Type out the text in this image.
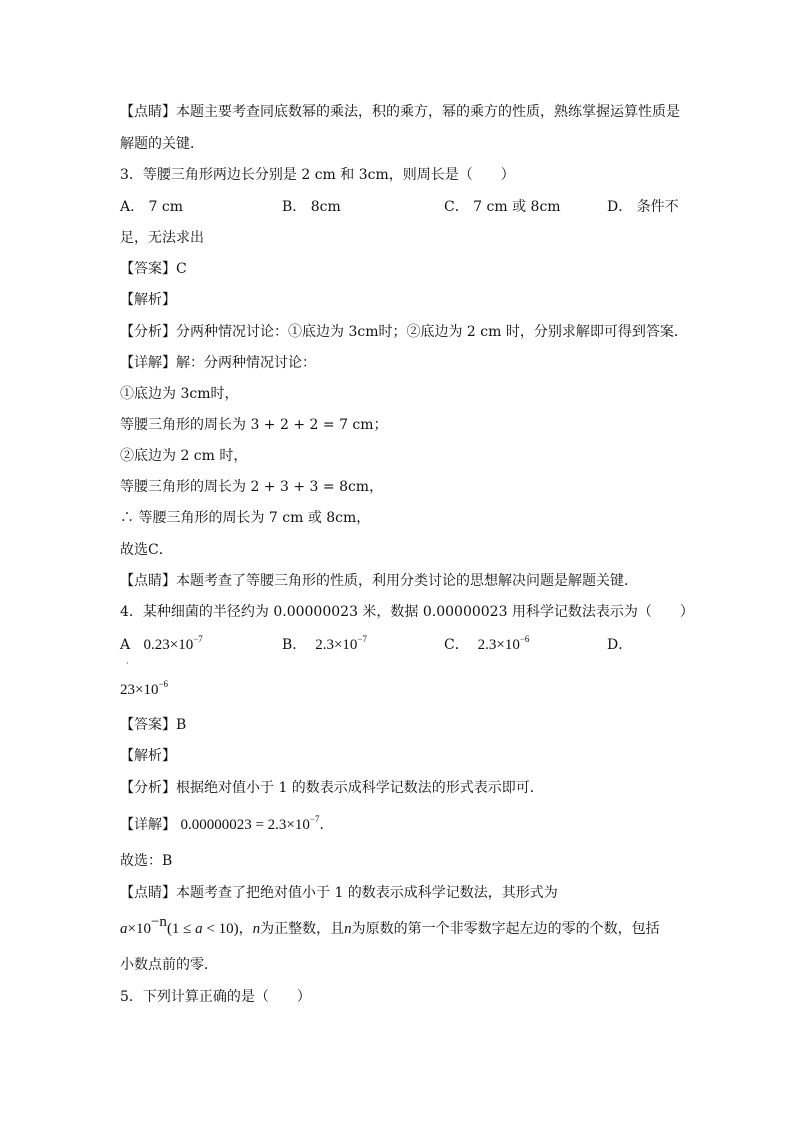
【点睛】本题主要考查同底数幂的乘法，积的乘方，幂的乘方的性质，熟练掌握运算性质是
解题的关键．
3．等腰三角形两边长分别是 2 cm 和 3cm，则周长是（　　）
A． 7 cm	B． 8cm	C． 7 cm 或 8cm	D． 条件不
足，无法求出
【答案】C
【解析】
【分析】分两种情况讨论：①底边为 3cm时；②底边为 2 cm 时，分别求解即可得到答案．
【详解】解：分两种情况讨论：
①底边为 3cm时，
等腰三角形的周长为 3 + 2 + 2 = 7 cm；
②底边为 2 cm 时，
等腰三角形的周长为 2 + 3 + 3 = 8cm，
∴ 等腰三角形的周长为 7 cm 或 8cm，
故选C．
【点睛】本题考查了等腰三角形的性质，利用分类讨论的思想解决问题是解题关键．
4．某种细菌的半径约为 0.00000023 米，数据 0.00000023 用科学记数法表示为（　　）
A $0.23\times 10^{-7}$
·
B． $2.3\times 10^{-7}$	C． $2.3\times 10^{-6}$	D．
$23\times 10^{-6}$
【答案】B
【解析】
【分析】根据绝对值小于 1 的数表示成科学记数法的形式表示即可．
【详解】 $0.00000023 = 2.3\times 10^{-7}$．
故选：B
【点睛】本题考查了把绝对值小于 1 的数表示成科学记数法，其形式为
$a\times 10^{-n}(1 \le a < 10)$，n为正整数，且n为原数的第一个非零数字起左边的零的个数，包括
小数点前的零．
5．下列计算正确的是（　　）
